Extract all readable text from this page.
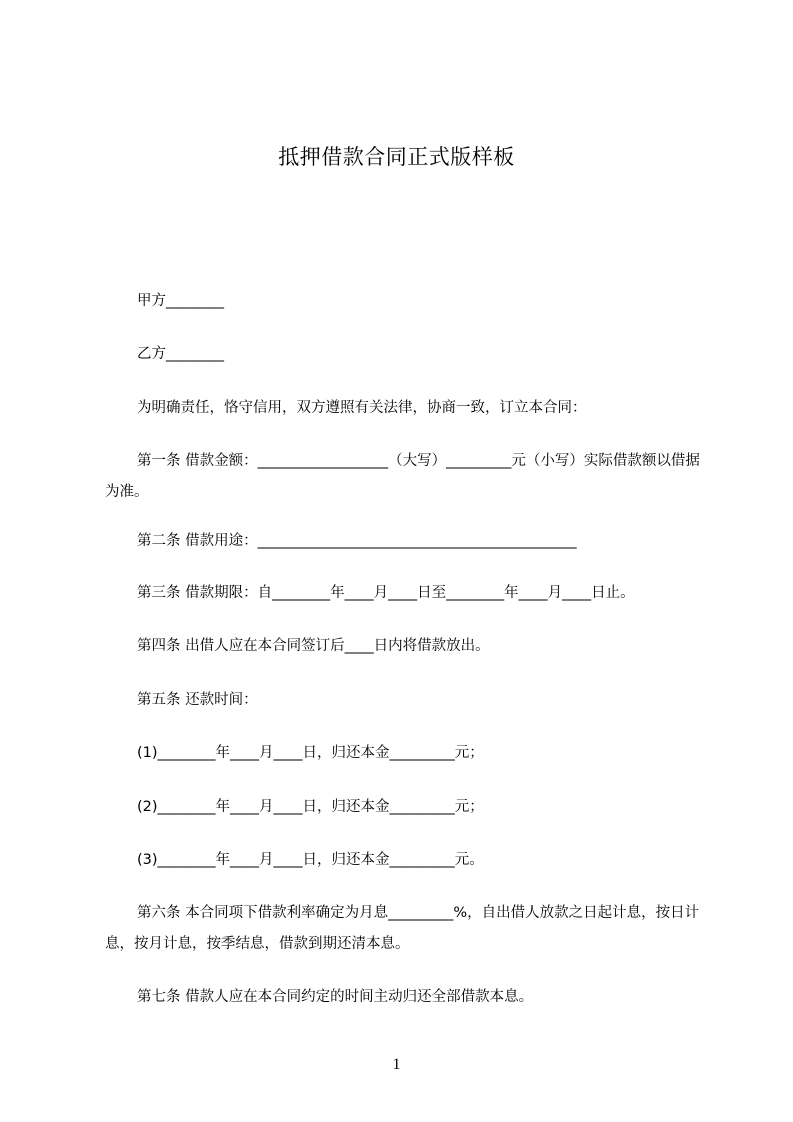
抵押借款合同正式版样板
甲方________
乙方________
为明确责任，恪守信用，双方遵照有关法律，协商一致，订立本合同：
第一条 借款金额：__________________（大写）_________元（小写）实际借款额以借据为准。
第二条 借款用途：____________________________________________
第三条 借款期限：自________年____月____日至________年____月____日止。
第四条 出借人应在本合同签订后____日内将借款放出。
第五条 还款时间：
(1)________年____月____日，归还本金_________元；
(2)________年____月____日，归还本金_________元；
(3)________年____月____日，归还本金_________元。
第六条 本合同项下借款利率确定为月息_________%，自出借人放款之日起计息，按日计息，按月计息，按季结息，借款到期还清本息。
第七条 借款人应在本合同约定的时间主动归还全部借款本息。
1
